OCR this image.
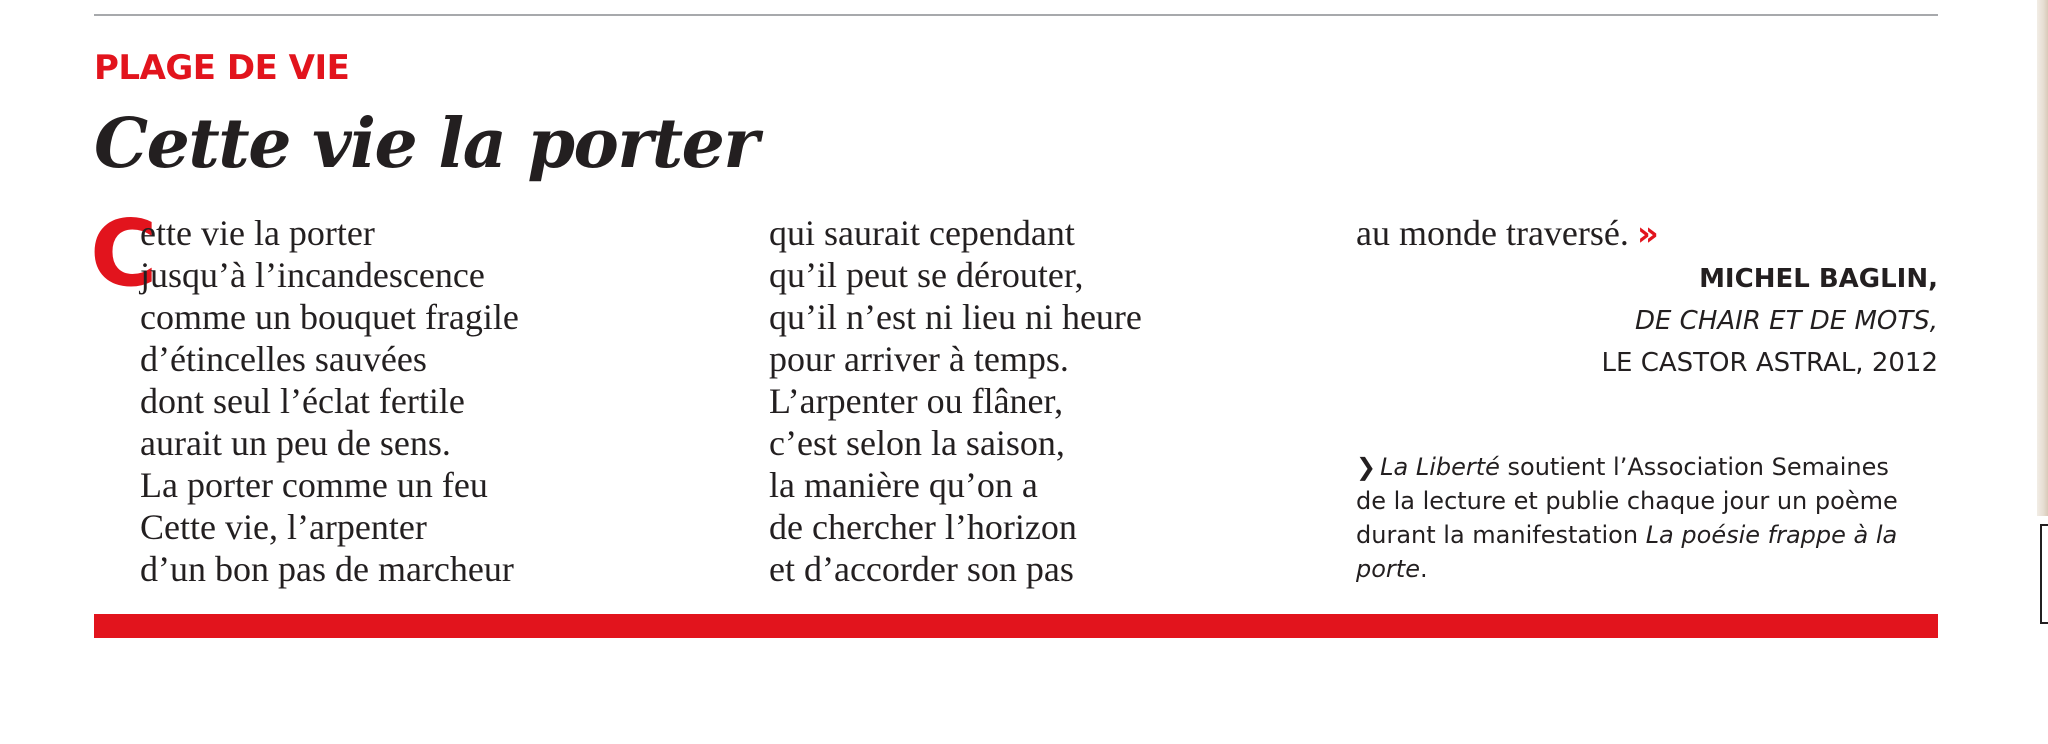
PLAGE DE VIE
Cette vie la porter
C
ette vie la porter
jusqu’à l’incandescence
comme un bouquet fragile
d’étincelles sauvées
dont seul l’éclat fertile
aurait un peu de sens.
La porter comme un feu
Cette vie, l’arpenter
d’un bon pas de marcheur
qui saurait cependant
qu’il peut se dérouter,
qu’il n’est ni lieu ni heure
pour arriver à temps.
L’arpenter ou flâner,
c’est selon la saison,
la manière qu’on a
de chercher l’horizon
et d’accorder son pas
au monde traversé. »
MICHEL BAGLIN,
DE CHAIR ET DE MOTS,
LE CASTOR ASTRAL, 2012
❯ La Liberté soutient l’Association Semaines de la lecture et publie chaque jour un poème durant la manifestation La poésie frappe à la porte.
